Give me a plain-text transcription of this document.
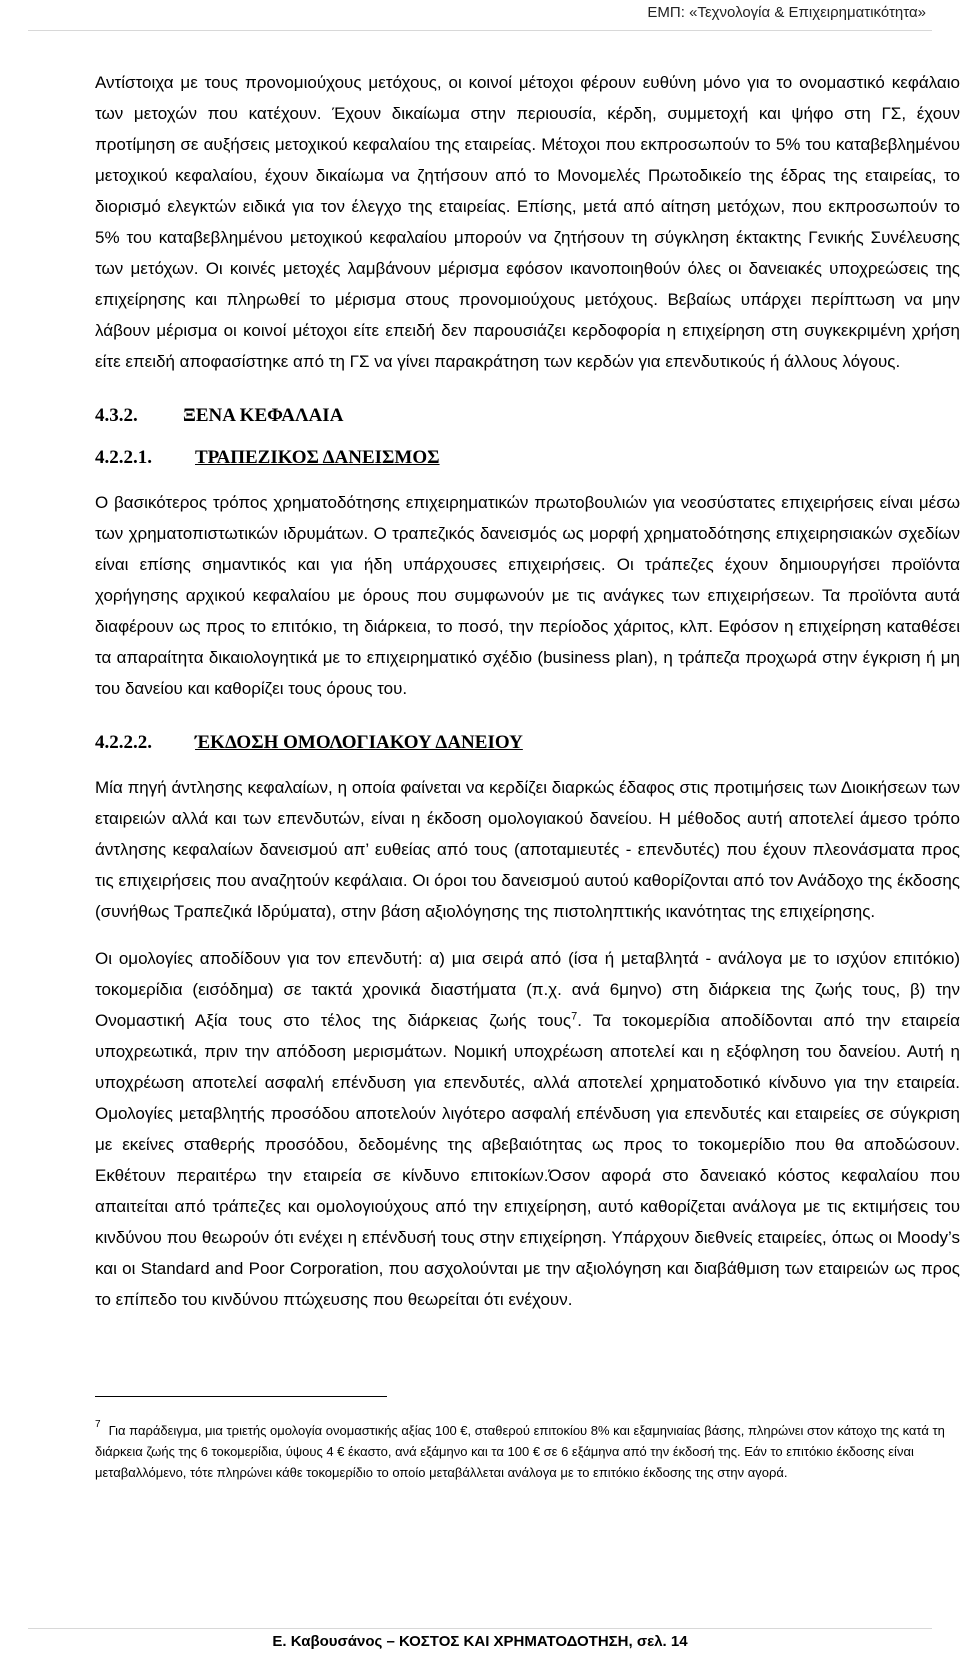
ΕΜΠ: «Τεχνολογία & Επιχειρηματικότητα»

Αντίστοιχα με τους προνομιούχους μετόχους, οι κοινοί μέτοχοι φέρουν ευθύνη μόνο για το ονομαστικό κεφάλαιο των μετοχών που κατέχουν. Έχουν δικαίωμα στην περιουσία, κέρδη, συμμετοχή και ψήφο στη ΓΣ, έχουν προτίμηση σε αυξήσεις μετοχικού κεφαλαίου της εταιρείας. Μέτοχοι που εκπροσωπούν το 5% του καταβεβλημένου μετοχικού κεφαλαίου, έχουν δικαίωμα να ζητήσουν από το Μονομελές Πρωτοδικείο της έδρας της εταιρείας, το διορισμό ελεγκτών ειδικά για τον έλεγχο της εταιρείας. Επίσης, μετά από αίτηση μετόχων, που εκπροσωπούν το 5% του καταβεβλημένου μετοχικού κεφαλαίου μπορούν να ζητήσουν τη σύγκληση έκτακτης Γενικής Συνέλευσης των μετόχων. Οι κοινές μετοχές λαμβάνουν μέρισμα εφόσον ικανοποιηθούν όλες οι δανειακές υποχρεώσεις της επιχείρησης και πληρωθεί το μέρισμα στους προνομιούχους μετόχους. Βεβαίως υπάρχει περίπτωση να μην λάβουν μέρισμα οι κοινοί μέτοχοι είτε επειδή δεν παρουσιάζει κερδοφορία η επιχείρηση στη συγκεκριμένη χρήση είτε επειδή αποφασίστηκε από τη ΓΣ να γίνει παρακράτηση των κερδών για επενδυτικούς ή άλλους λόγους.

4.3.2.	ΞΕΝΑ ΚΕΦΑΛΑΙΑ
4.2.2.1.	ΤΡΑΠΕΖΙΚΟΣ ΔΑΝΕΙΣΜΟΣ

Ο βασικότερος τρόπος χρηματοδότησης επιχειρηματικών πρωτοβουλιών για νεοσύστατες επιχειρήσεις είναι μέσω των χρηματοπιστωτικών ιδρυμάτων. Ο τραπεζικός δανεισμός ως μορφή χρηματοδότησης επιχειρησιακών σχεδίων είναι επίσης σημαντικός και για ήδη υπάρχουσες επιχειρήσεις. Οι τράπεζες έχουν δημιουργήσει προϊόντα χορήγησης αρχικού κεφαλαίου με όρους που συμφωνούν με τις ανάγκες των επιχειρήσεων. Τα προϊόντα αυτά διαφέρουν ως προς το επιτόκιο, τη διάρκεια, το ποσό, την περίοδος χάριτος, κλπ. Εφόσον η επιχείρηση καταθέσει τα απαραίτητα δικαιολογητικά με το επιχειρηματικό σχέδιο (business plan), η τράπεζα προχωρά στην έγκριση ή μη του δανείου και καθορίζει τους όρους του.

4.2.2.2.	ΈΚΔΟΣΗ ΟΜΟΛΟΓΙΑΚΟΥ ΔΑΝΕΙΟΥ

Μία πηγή άντλησης κεφαλαίων, η οποία φαίνεται να κερδίζει διαρκώς έδαφος στις προτιμήσεις των Διοικήσεων των εταιρειών αλλά και των επενδυτών, είναι η έκδοση ομολογιακού δανείου. Η μέθοδος αυτή αποτελεί άμεσο τρόπο άντλησης κεφαλαίων δανεισμού απ’ ευθείας από τους (αποταμιευτές - επενδυτές) που έχουν πλεονάσματα προς τις επιχειρήσεις που αναζητούν κεφάλαια. Οι όροι του δανεισμού αυτού καθορίζονται από τον Ανάδοχο της έκδοσης (συνήθως Τραπεζικά Ιδρύματα), στην βάση αξιολόγησης της πιστοληπτικής ικανότητας της επιχείρησης.

Οι ομολογίες αποδίδουν για τον επενδυτή: α) μια σειρά από (ίσα ή μεταβλητά - ανάλογα με το ισχύον επιτόκιο) τοκομερίδια (εισόδημα) σε τακτά χρονικά διαστήματα (π.χ. ανά 6μηνο) στη διάρκεια της ζωής τους, β) την Ονομαστική Αξία τους στο τέλος της διάρκειας ζωής τους$^7$. Τα τοκομερίδια αποδίδονται από την εταιρεία υποχρεωτικά, πριν την απόδοση μερισμάτων. Νομική υποχρέωση αποτελεί και η εξόφληση του δανείου. Αυτή η υποχρέωση αποτελεί ασφαλή επένδυση για επενδυτές, αλλά αποτελεί χρηματοδοτικό κίνδυνο για την εταιρεία. Ομολογίες μεταβλητής προσόδου αποτελούν λιγότερο ασφαλή επένδυση για επενδυτές και εταιρείες σε σύγκριση με εκείνες σταθερής προσόδου, δεδομένης της αβεβαιότητας ως προς το τοκομερίδιο που θα αποδώσουν. Εκθέτουν περαιτέρω την εταιρεία σε κίνδυνο επιτοκίων.Όσον αφορά στο δανειακό κόστος κεφαλαίου που απαιτείται από τράπεζες και ομολογιούχους από την επιχείρηση, αυτό καθορίζεται ανάλογα με τις εκτιμήσεις του κινδύνου που θεωρούν ότι ενέχει η επένδυσή τους στην επιχείρηση. Υπάρχουν διεθνείς εταιρείες, όπως οι Moody’s και οι Standard and Poor Corporation, που ασχολούνται με την αξιολόγηση και διαβάθμιση των εταιρειών ως προς το επίπεδο του κινδύνου πτώχευσης που θεωρείται ότι ενέχουν.

$^7$ Για παράδειγμα, μια τριετής ομολογία ονομαστικής αξίας 100 €, σταθερού επιτοκίου 8% και εξαμηνιαίας βάσης, πληρώνει στον κάτοχο της κατά τη διάρκεια ζωής της 6 τοκομερίδια, ύψους 4 € έκαστο, ανά εξάμηνο και τα 100 € σε 6 εξάμηνα από την έκδοσή της. Εάν το επιτόκιο έκδοσης είναι μεταβαλλόμενο, τότε πληρώνει κάθε τοκομερίδιο το οποίο μεταβάλλεται ανάλογα με το επιτόκιο έκδοσης της στην αγορά.

Ε. Καβουσάνος – ΚΟΣΤΟΣ ΚΑΙ ΧΡΗΜΑΤΟΔΟΤΗΣΗ, σελ. 14
